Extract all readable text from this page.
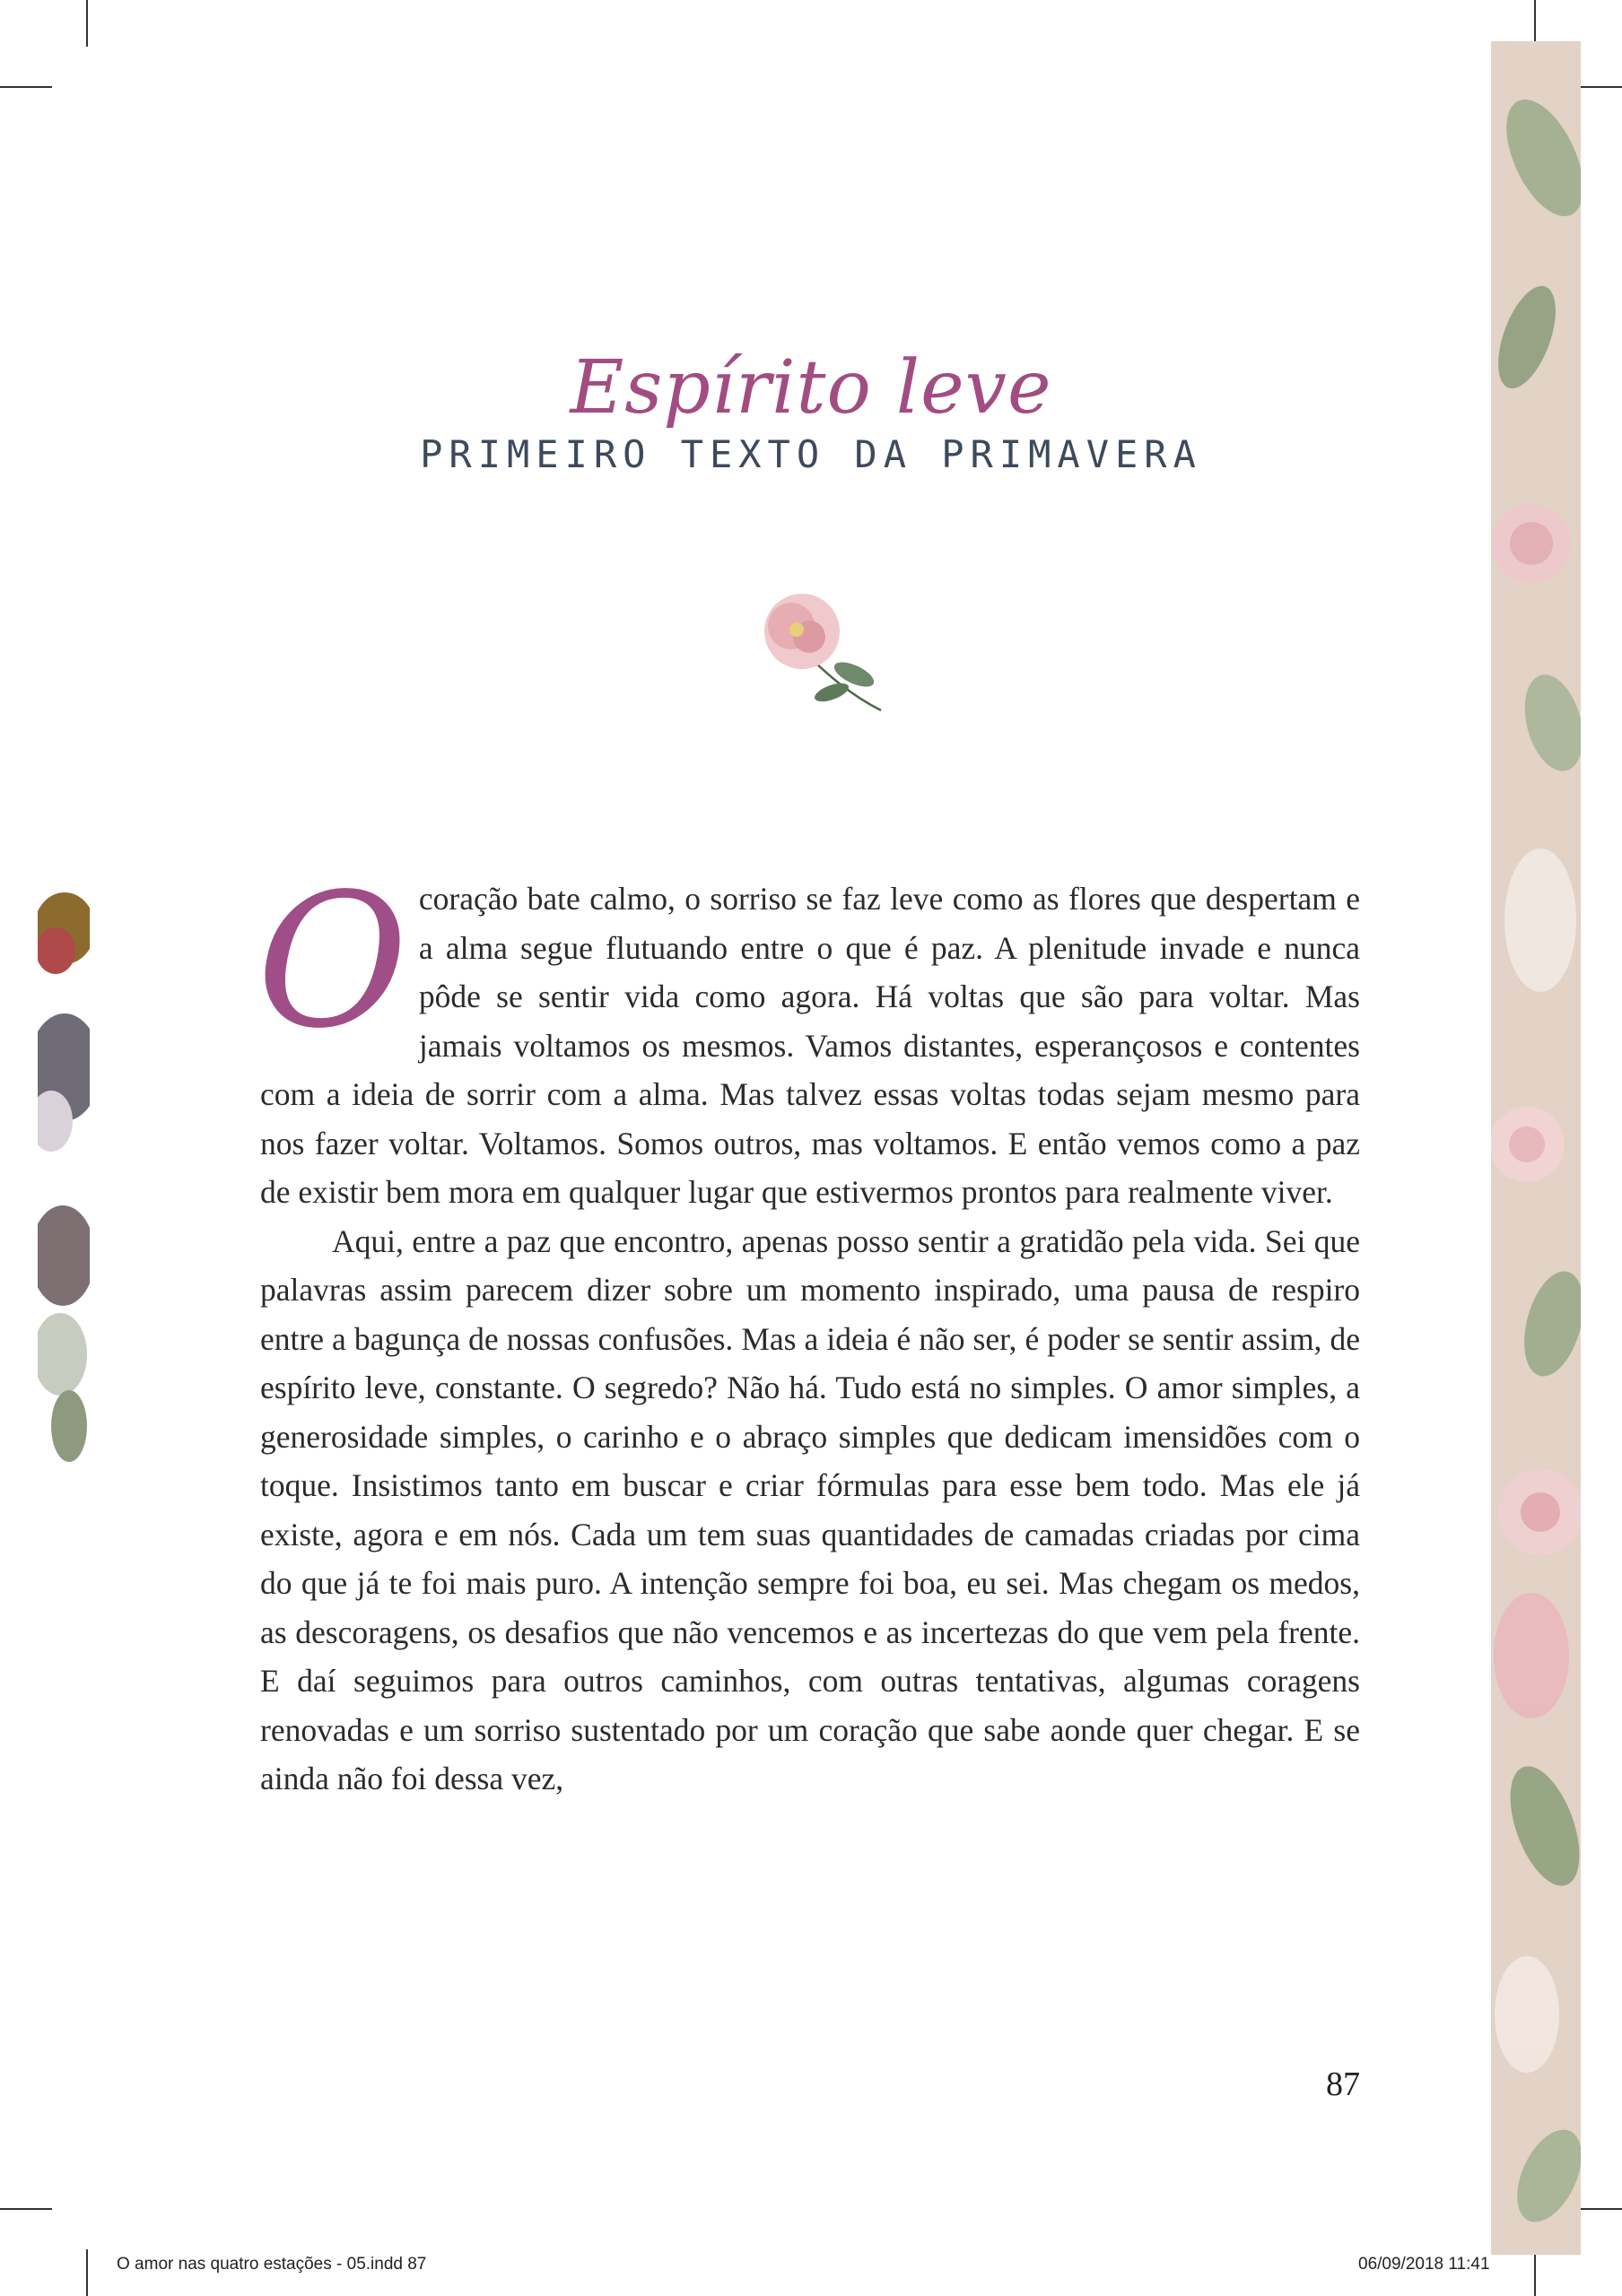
Espírito leve
PRIMEIRO TEXTO DA PRIMAVERA

O coração bate calmo, o sorriso se faz leve como as flores que despertam e a alma segue flutuando entre o que é paz. A plenitude invade e nunca pôde se sentir vida como agora. Há voltas que são para voltar. Mas jamais voltamos os mesmos. Vamos distantes, esperançosos e contentes com a ideia de sorrir com a alma. Mas talvez essas voltas todas sejam mesmo para nos fazer voltar. Voltamos. Somos outros, mas voltamos. E então vemos como a paz de existir bem mora em qualquer lugar que estivermos prontos para realmente viver.

Aqui, entre a paz que encontro, apenas posso sentir a gratidão pela vida. Sei que palavras assim parecem dizer sobre um momento inspirado, uma pausa de respiro entre a bagunça de nossas confusões. Mas a ideia é não ser, é poder se sentir assim, de espírito leve, constante. O segredo? Não há. Tudo está no simples. O amor simples, a generosidade simples, o carinho e o abraço simples que dedicam imensidões com o toque. Insistimos tanto em buscar e criar fórmulas para esse bem todo. Mas ele já existe, agora e em nós. Cada um tem suas quantidades de camadas criadas por cima do que já te foi mais puro. A intenção sempre foi boa, eu sei. Mas chegam os medos, as descoragens, os desafios que não vencemos e as incertezas do que vem pela frente. E daí seguimos para outros caminhos, com outras tentativas, algumas coragens renovadas e um sorriso sustentado por um coração que sabe aonde quer chegar. E se ainda não foi dessa vez,

87
O amor nas quatro estações - 05.indd 87	06/09/2018 11:41
